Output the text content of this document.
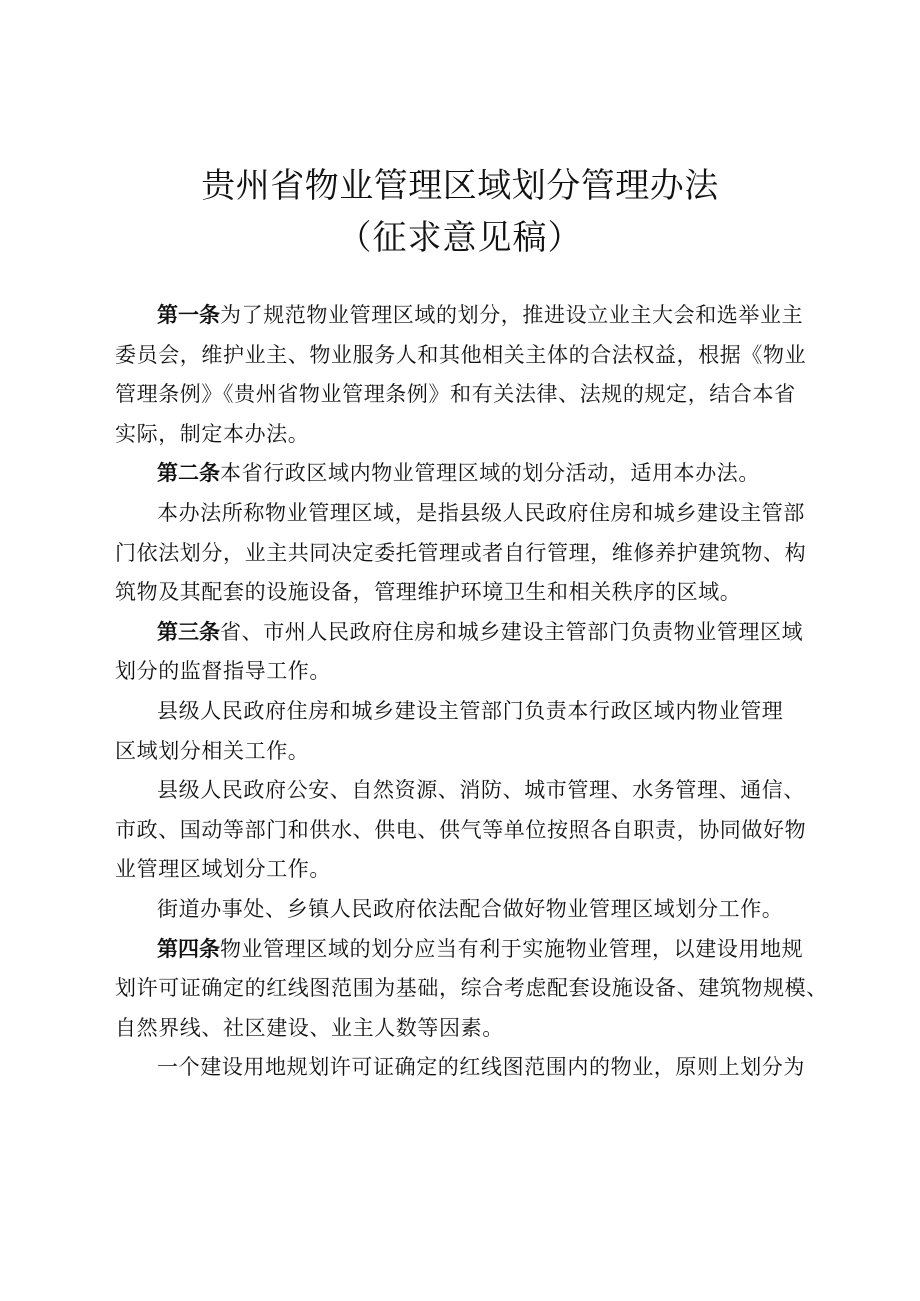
贵州省物业管理区域划分管理办法
（征求意见稿）

第一条为了规范物业管理区域的划分，推进设立业主大会和选举业主
委员会，维护业主、物业服务人和其他相关主体的合法权益，根据《物业
管理条例》《贵州省物业管理条例》和有关法律、法规的规定，结合本省
实际，制定本办法。

第二条本省行政区域内物业管理区域的划分活动，适用本办法。

本办法所称物业管理区域，是指县级人民政府住房和城乡建设主管部
门依法划分，业主共同决定委托管理或者自行管理，维修养护建筑物、构
筑物及其配套的设施设备，管理维护环境卫生和相关秩序的区域。

第三条省、市州人民政府住房和城乡建设主管部门负责物业管理区域
划分的监督指导工作。

县级人民政府住房和城乡建设主管部门负责本行政区域内物业管理
区域划分相关工作。

县级人民政府公安、自然资源、消防、城市管理、水务管理、通信、
市政、国动等部门和供水、供电、供气等单位按照各自职责，协同做好物
业管理区域划分工作。

街道办事处、乡镇人民政府依法配合做好物业管理区域划分工作。

第四条物业管理区域的划分应当有利于实施物业管理，以建设用地规
划许可证确定的红线图范围为基础，综合考虑配套设施设备、建筑物规模、
自然界线、社区建设、业主人数等因素。

一个建设用地规划许可证确定的红线图范围内的物业，原则上划分为
